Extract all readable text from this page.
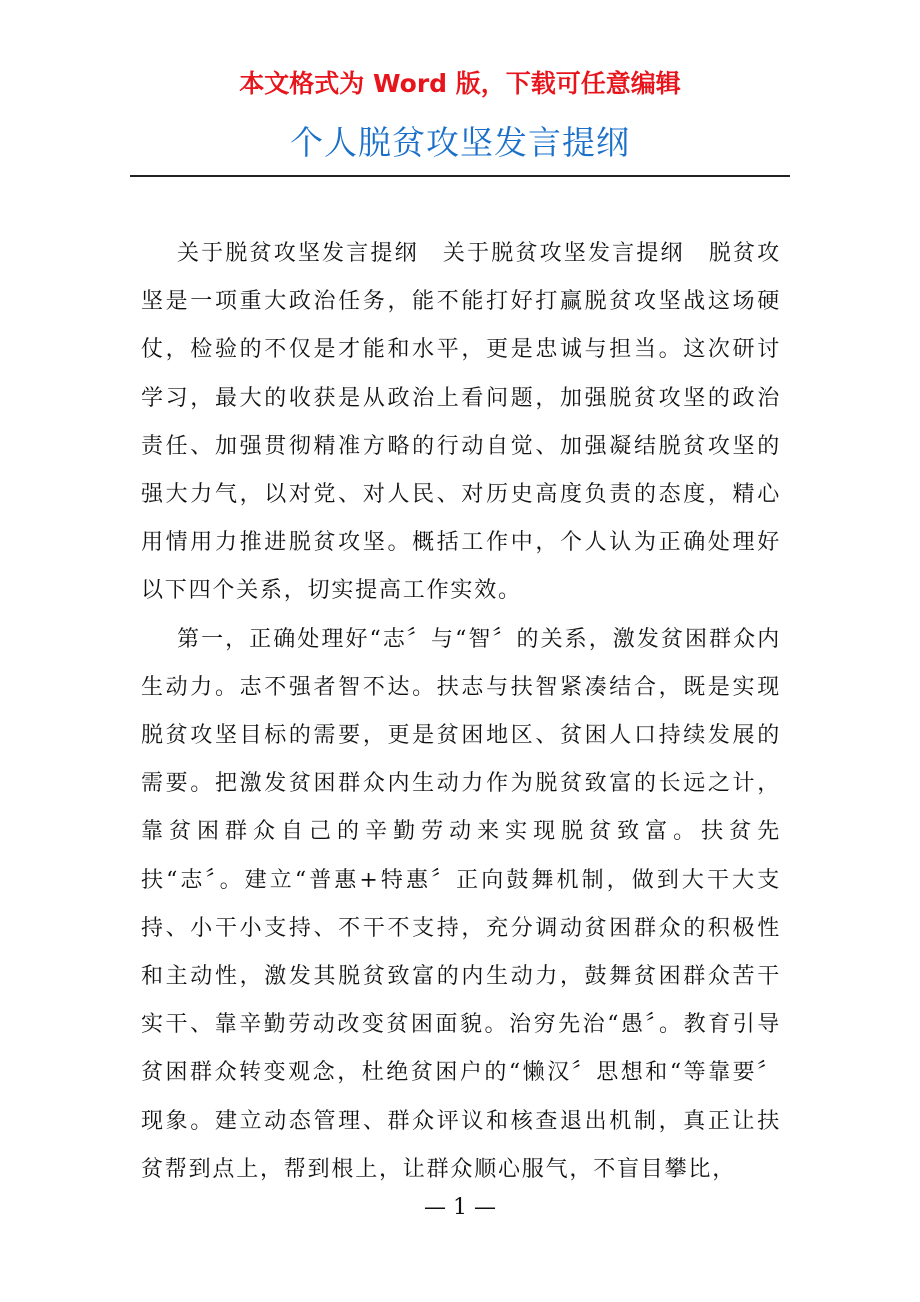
本文格式为 Word 版，下载可任意编辑
个人脱贫攻坚发言提纲

关于脱贫攻坚发言提纲　关于脱贫攻坚发言提纲　脱贫攻坚是一项重大政治任务，能不能打好打赢脱贫攻坚战这场硬仗，检验的不仅是才能和水平，更是忠诚与担当。这次研讨学习，最大的收获是从政治上看问题，加强脱贫攻坚的政治责任、加强贯彻精准方略的行动自觉、加强凝结脱贫攻坚的强大力气，以对党、对人民、对历史高度负责的态度，精心用情用力推进脱贫攻坚。概括工作中，个人认为正确处理好以下四个关系，切实提高工作实效。

第一，正确处理好“志〞与“智〞的关系，激发贫困群众内生动力。志不强者智不达。扶志与扶智紧凑结合，既是实现脱贫攻坚目标的需要，更是贫困地区、贫困人口持续发展的需要。把激发贫困群众内生动力作为脱贫致富的长远之计，靠贫困群众自己的辛勤劳动来实现脱贫致富。扶贫先扶“志〞。建立“普惠+特惠〞正向鼓舞机制，做到大干大支持、小干小支持、不干不支持，充分调动贫困群众的积极性和主动性，激发其脱贫致富的内生动力，鼓舞贫困群众苦干实干、靠辛勤劳动改变贫困面貌。治穷先治“愚〞。教育引导贫困群众转变观念，杜绝贫困户的“懒汉〞思想和“等靠要〞现象。建立动态管理、群众评议和核查退出机制，真正让扶贫帮到点上，帮到根上，让群众顺心服气，不盲目攀比，

— 1 —
